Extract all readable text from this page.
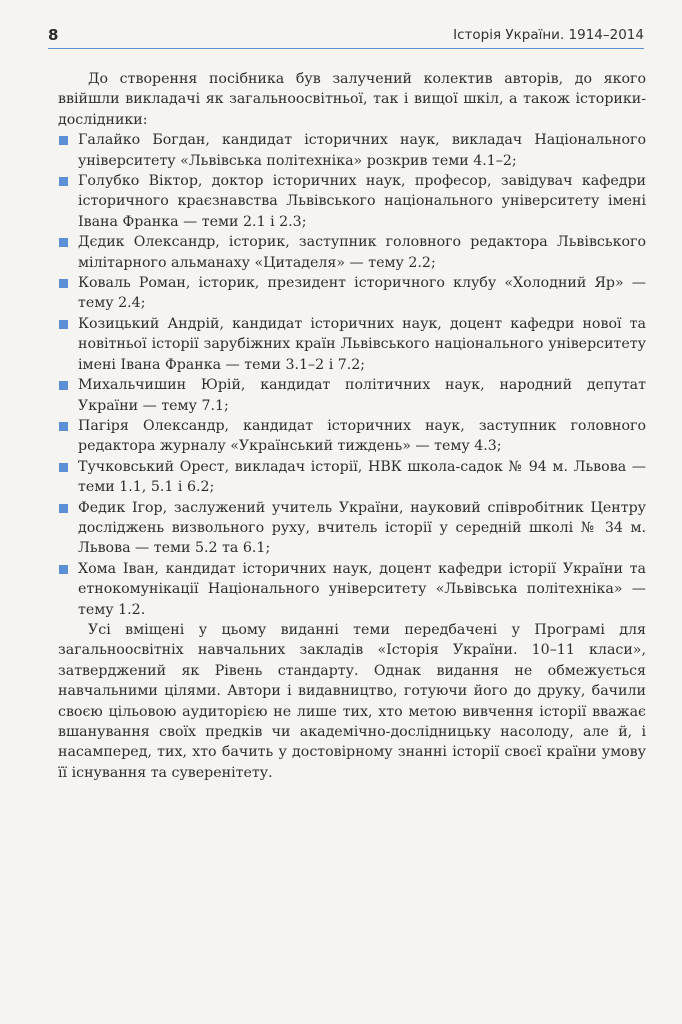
8	Історія України. 1914–2014

До створення посібника був залучений колектив авторів, до якого ввійшли викладачі як загальноосвітньої, так і вищої шкіл, а також історики-дослідники:

Галайко Богдан, кандидат історичних наук, викладач Національного університету «Львівська політехніка» розкрив теми 4.1–2;
Голубко Віктор, доктор історичних наук, професор, завідувач кафедри історичного краєзнавства Львівського національного університету імені Івана Франка — теми 2.1 і 2.3;
Дєдик Олександр, історик, заступник головного редактора Львівського мілітарного альманаху «Цитаделя» — тему 2.2;
Коваль Роман, історик, президент історичного клубу «Холодний Яр» — тему 2.4;
Козицький Андрій, кандидат історичних наук, доцент кафедри нової та новітньої історії зарубіжних країн Львівського національного університету імені Івана Франка — теми 3.1–2 і 7.2;
Михальчишин Юрій, кандидат політичних наук, народний депутат України — тему 7.1;
Пагіря Олександр, кандидат історичних наук, заступник головного редактора журналу «Український тиждень» — тему 4.3;
Тучковський Орест, викладач історії, НВК школа-садок № 94 м. Львова — теми 1.1, 5.1 і 6.2;
Федик Ігор, заслужений учитель України, науковий співробітник Центру досліджень визвольного руху, вчитель історії у середній школі № 34 м. Львова — теми 5.2 та 6.1;
Хома Іван, кандидат історичних наук, доцент кафедри історії України та етнокомунікації Національного університету «Львівська політехніка» — тему 1.2.

Усі вміщені у цьому виданні теми передбачені у Програмі для загальноосвітніх навчальних закладів «Історія України. 10–11 класи», затверджений як Рівень стандарту. Однак видання не обмежується навчальними цілями. Автори і видавництво, готуючи його до друку, бачили своєю цільовою аудиторією не лише тих, хто метою вивчення історії вважає вшанування своїх предків чи академічно-дослідницьку насолоду, але й, і насамперед, тих, хто бачить у достовірному знанні історії своєї країни умову її існування та суверенітету.
